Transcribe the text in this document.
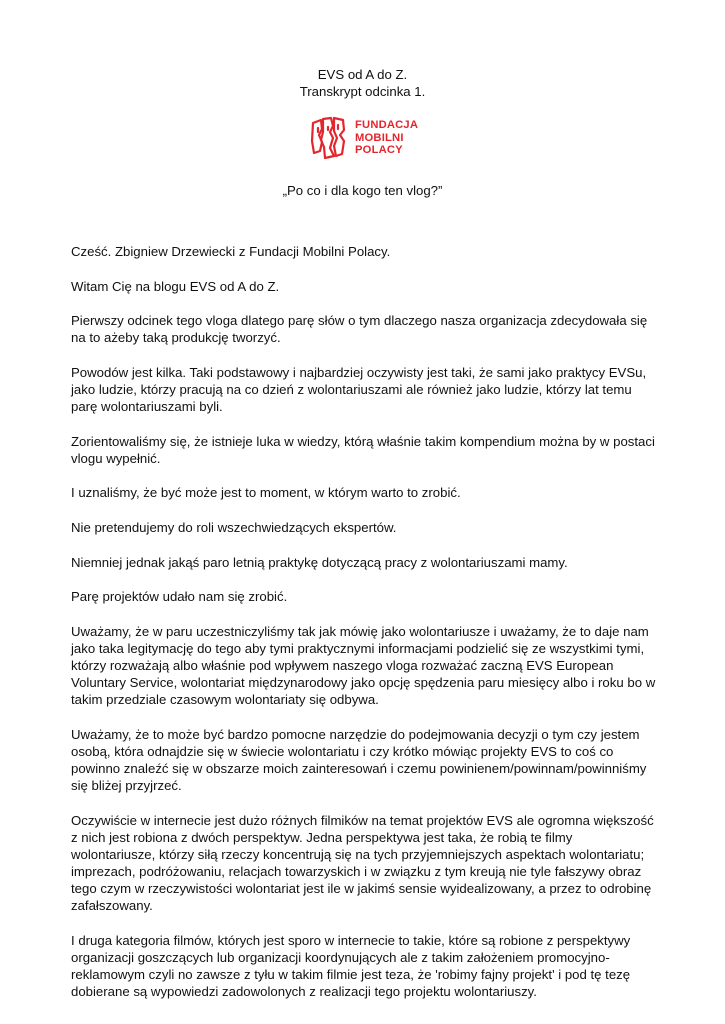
EVS od A do Z.
Transkrypt odcinka 1.
FUNDACJA
MOBILNI
POLACY
„Po co i dla kogo ten vlog?”

Cześć. Zbigniew Drzewiecki z Fundacji Mobilni Polacy.

Witam Cię na blogu EVS od A do Z.

Pierwszy odcinek tego vloga dlatego parę słów o tym dlaczego nasza organizacja zdecydowała się na to ażeby taką produkcję tworzyć.

Powodów jest kilka. Taki podstawowy i najbardziej oczywisty jest taki, że sami jako praktycy EVSu, jako ludzie, którzy pracują na co dzień z wolontariuszami ale również jako ludzie, którzy lat temu parę wolontariuszami byli.

Zorientowaliśmy się, że istnieje luka w wiedzy, którą właśnie takim kompendium można by w postaci vlogu wypełnić.

I uznaliśmy, że być może jest to moment, w którym warto to zrobić.

Nie pretendujemy do roli wszechwiedzących ekspertów.

Niemniej jednak jakąś paro letnią praktykę dotyczącą pracy z wolontariuszami mamy.

Parę projektów udało nam się zrobić.

Uważamy, że w paru uczestniczyliśmy tak jak mówię jako wolontariusze i uważamy, że to daje nam jako taka legitymację do tego aby tymi praktycznymi informacjami podzielić się ze wszystkimi tymi, którzy rozważają albo właśnie pod wpływem naszego vloga rozważać zaczną EVS European Voluntary Service, wolontariat międzynarodowy jako opcję spędzenia paru miesięcy albo i roku bo w takim przedziale czasowym wolontariaty się odbywa.

Uważamy, że to może być bardzo pomocne narzędzie do podejmowania decyzji o tym czy jestem osobą, która odnajdzie się w świecie wolontariatu i czy krótko mówiąc projekty EVS to coś co powinno znaleźć się w obszarze moich zainteresowań i czemu powinienem/powinnam/powinniśmy się bliżej przyjrzeć.

Oczywiście w internecie jest dużo różnych filmików na temat projektów EVS ale ogromna większość z nich jest robiona z dwóch perspektyw. Jedna perspektywa jest taka, że robią te filmy wolontariusze, którzy siłą rzeczy koncentrują się na tych przyjemniejszych aspektach wolontariatu; imprezach, podróżowaniu, relacjach towarzyskich i w związku z tym kreują nie tyle fałszywy obraz tego czym w rzeczywistości wolontariat jest ile w jakimś sensie wyidealizowany, a przez to odrobinę zafałszowany.

I druga kategoria filmów, których jest sporo w internecie to takie, które są robione z perspektywy organizacji goszczących lub organizacji koordynujących ale z takim założeniem promocyjno-reklamowym czyli no zawsze z tyłu w takim filmie jest teza, że 'robimy fajny projekt' i pod tę tezę dobierane są wypowiedzi zadowolonych z realizacji tego projektu wolontariuszy.
